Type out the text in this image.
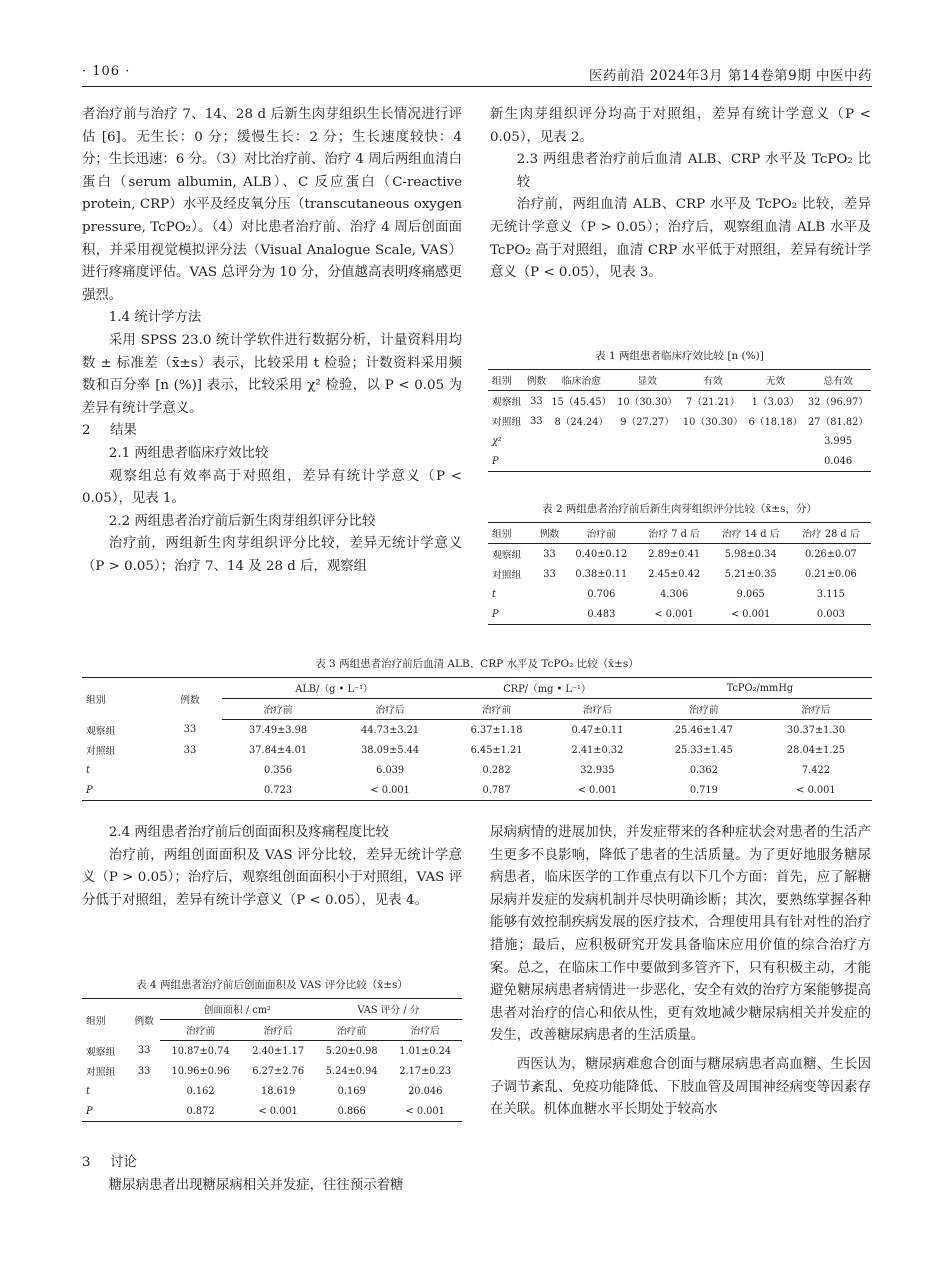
· 106 ·	医药前沿 2024年3月 第14卷第9期 中医中药

者治疗前与治疗 7、14、28 d 后新生肉芽组织生长情况进行评估 [6]。无生长：0 分；缓慢生长：2 分；生长速度较快：4 分；生长迅速：6 分。（3）对比治疗前、治疗 4 周后两组血清白蛋白（serum albumin, ALB）、C 反应蛋白（C-reactive protein, CRP）水平及经皮氧分压（transcutaneous oxygen pressure, TcPO₂）。（4）对比患者治疗前、治疗 4 周后创面面积，并采用视觉模拟评分法（Visual Analogue Scale, VAS）进行疼痛度评估。VAS 总评分为 10 分，分值越高表明疼痛感更强烈。

1.4 统计学方法

采用 SPSS 23.0 统计学软件进行数据分析，计量资料用均数 ± 标准差（x̄±s）表示，比较采用 t 检验；计数资料采用频数和百分率 [n (%)] 表示，比较采用 χ² 检验，以 P < 0.05 为差异有统计学意义。

2 结果

2.1 两组患者临床疗效比较

观察组总有效率高于对照组，差异有统计学意义（P < 0.05），见表 1。

2.2 两组患者治疗前后新生肉芽组织评分比较

治疗前，两组新生肉芽组织评分比较，差异无统计学意义（P > 0.05）；治疗 7、14 及 28 d 后，观察组

新生肉芽组织评分均高于对照组，差异有统计学意义（P < 0.05），见表 2。

2.3 两组患者治疗前后血清 ALB、CRP 水平及 TcPO₂ 比较

治疗前，两组血清 ALB、CRP 水平及 TcPO₂ 比较，差异无统计学意义（P > 0.05）；治疗后，观察组血清 ALB 水平及 TcPO₂ 高于对照组，血清 CRP 水平低于对照组，差异有统计学意义（P < 0.05），见表 3。

表 1 两组患者临床疗效比较 [n (%)]
组别	例数	临床治愈	显效	有效	无效	总有效
观察组	33	15（45.45）	10（30.30）	7（21.21）	1（3.03）	32（96.97）
对照组	33	8（24.24）	9（27.27）	10（30.30）	6（18.18）	27（81.82）
χ²						3.995
P						0.046
表 2 两组患者治疗前后新生肉芽组织评分比较（x̄±s，分）
组别	例数	治疗前	治疗 7 d 后	治疗 14 d 后	治疗 28 d 后
观察组	33	0.40±0.12	2.89±0.41	5.98±0.34	0.26±0.07
对照组	33	0.38±0.11	2.45±0.42	5.21±0.35	0.21±0.06
t		0.706	4.306	9.065	3.115
P		0.483	< 0.001	< 0.001	0.003
表 3 两组患者治疗前后血清 ALB、CRP 水平及 TcPO₂ 比较（x̄±s）
组别	例数	ALB/（g • L⁻¹）		CRP/（mg • L⁻¹）		TcPO₂/mmHg	
		治疗前	治疗后	治疗前	治疗后	治疗前	治疗后
观察组	33	37.49±3.98	44.73±3.21	6.37±1.18	0.47±0.11	25.46±1.47	30.37±1.30
对照组	33	37.84±4.01	38.09±5.44	6.45±1.21	2.41±0.32	25.33±1.45	28.04±1.25
t		0.356	6.039	0.282	32.935	0.362	7.422
P		0.723	< 0.001	0.787	< 0.001	0.719	< 0.001

2.4 两组患者治疗前后创面面积及疼痛程度比较

治疗前，两组创面面积及 VAS 评分比较，差异无统计学意义（P > 0.05）；治疗后，观察组创面面积小于对照组，VAS 评分低于对照组，差异有统计学意义（P < 0.05），见表 4。

表 4 两组患者治疗前后创面面积及 VAS 评分比较（x̄±s）
组别	例数	创面面积 / cm²		VAS 评分 / 分	
		治疗前	治疗后	治疗前	治疗后
观察组	33	10.87±0.74	2.40±1.17	5.20±0.98	1.01±0.24
对照组	33	10.96±0.96	6.27±2.76	5.24±0.94	2.17±0.23
t		0.162	18.619	0.169	20.046
P		0.872	< 0.001	0.866	< 0.001

3 讨论

糖尿病患者出现糖尿病相关并发症，往往预示着糖

尿病病情的进展加快，并发症带来的各种症状会对患者的生活产生更多不良影响，降低了患者的生活质量。为了更好地服务糖尿病患者，临床医学的工作重点有以下几个方面：首先，应了解糖尿病并发症的发病机制并尽快明确诊断；其次，要熟练掌握各种能够有效控制疾病发展的医疗技术，合理使用具有针对性的治疗措施；最后，应积极研究开发具备临床应用价值的综合治疗方案。总之，在临床工作中要做到多管齐下，只有积极主动，才能避免糖尿病患者病情进一步恶化，安全有效的治疗方案能够提高患者对治疗的信心和依从性，更有效地减少糖尿病相关并发症的发生，改善糖尿病患者的生活质量。

西医认为，糖尿病难愈合创面与糖尿病患者高血糖、生长因子调节紊乱、免疫功能降低、下肢血管及周围神经病变等因素存在关联。机体血糖水平长期处于较高水
